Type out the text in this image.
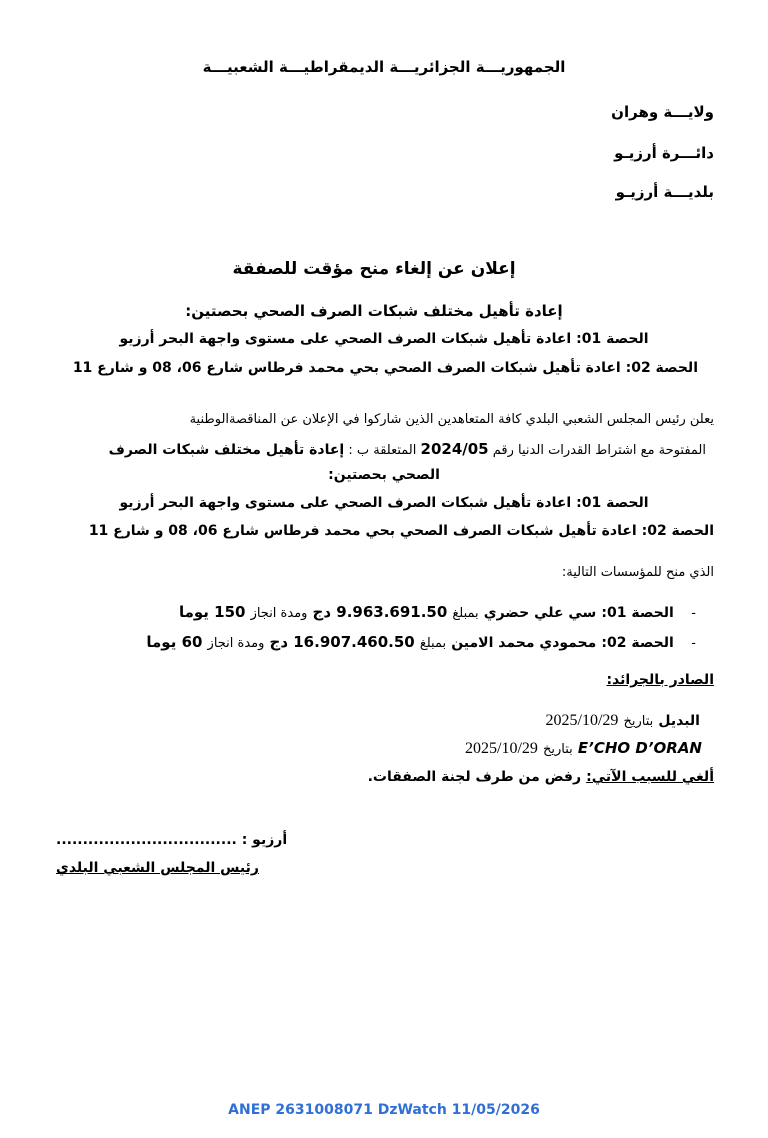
الجمهوريـــة الجزائريـــة الديمقراطيـــة الشعبيـــة
ولايـــة وهران
دائـــرة أرزيـو
بلديـــة أرزيـو
إعلان عن إلغاء منح مؤقت للصفقة
إعادة تأهيل مختلف شبكات الصرف الصحي بحصتين:
الحصة 01: اعادة تأهيل شبكات الصرف الصحي على مستوى واجهة البحر أرزيو
الحصة 02: اعادة تأهيل شبكات الصرف الصحي بحي محمد فرطاس شارع 06، 08 و شارع 11
يعلن رئيس المجلس الشعبي البلدي كافة المتعاهدين الذين شاركوا في الإعلان عن المناقصةالوطنية
المفتوحة مع اشتراط القدرات الدنيا رقم 2024/05 المتعلقة ب : إعادة تأهيل مختلف شبكات الصرف
الصحي بحصتين:
الحصة 01: اعادة تأهيل شبكات الصرف الصحي على مستوى واجهة البحر أرزيو
الحصة 02: اعادة تأهيل شبكات الصرف الصحي بحي محمد فرطاس شارع 06، 08 و شارع 11
الذي منح للمؤسسات التالية:
-    الحصة 01: سي علي حضري بمبلغ 9.963.691.50 دج ومدة انجاز 150 يوما
-    الحصة 02: محمودي محمد الامين بمبلغ 16.907.460.50 دج ومدة انجاز 60 يوما
الصادر بالجرائد:
البديل بتاريخ 2025/10/29
E’CHO D’ORAN بتاريخ 2025/10/29
ألغي للسبب الآتي: رفض من طرف لجنة الصفقات.
أرزيو : ..................................
رئيس المجلس الشعبي البلدي
ANEP 2631008071 DzWatch 11/05/2026
